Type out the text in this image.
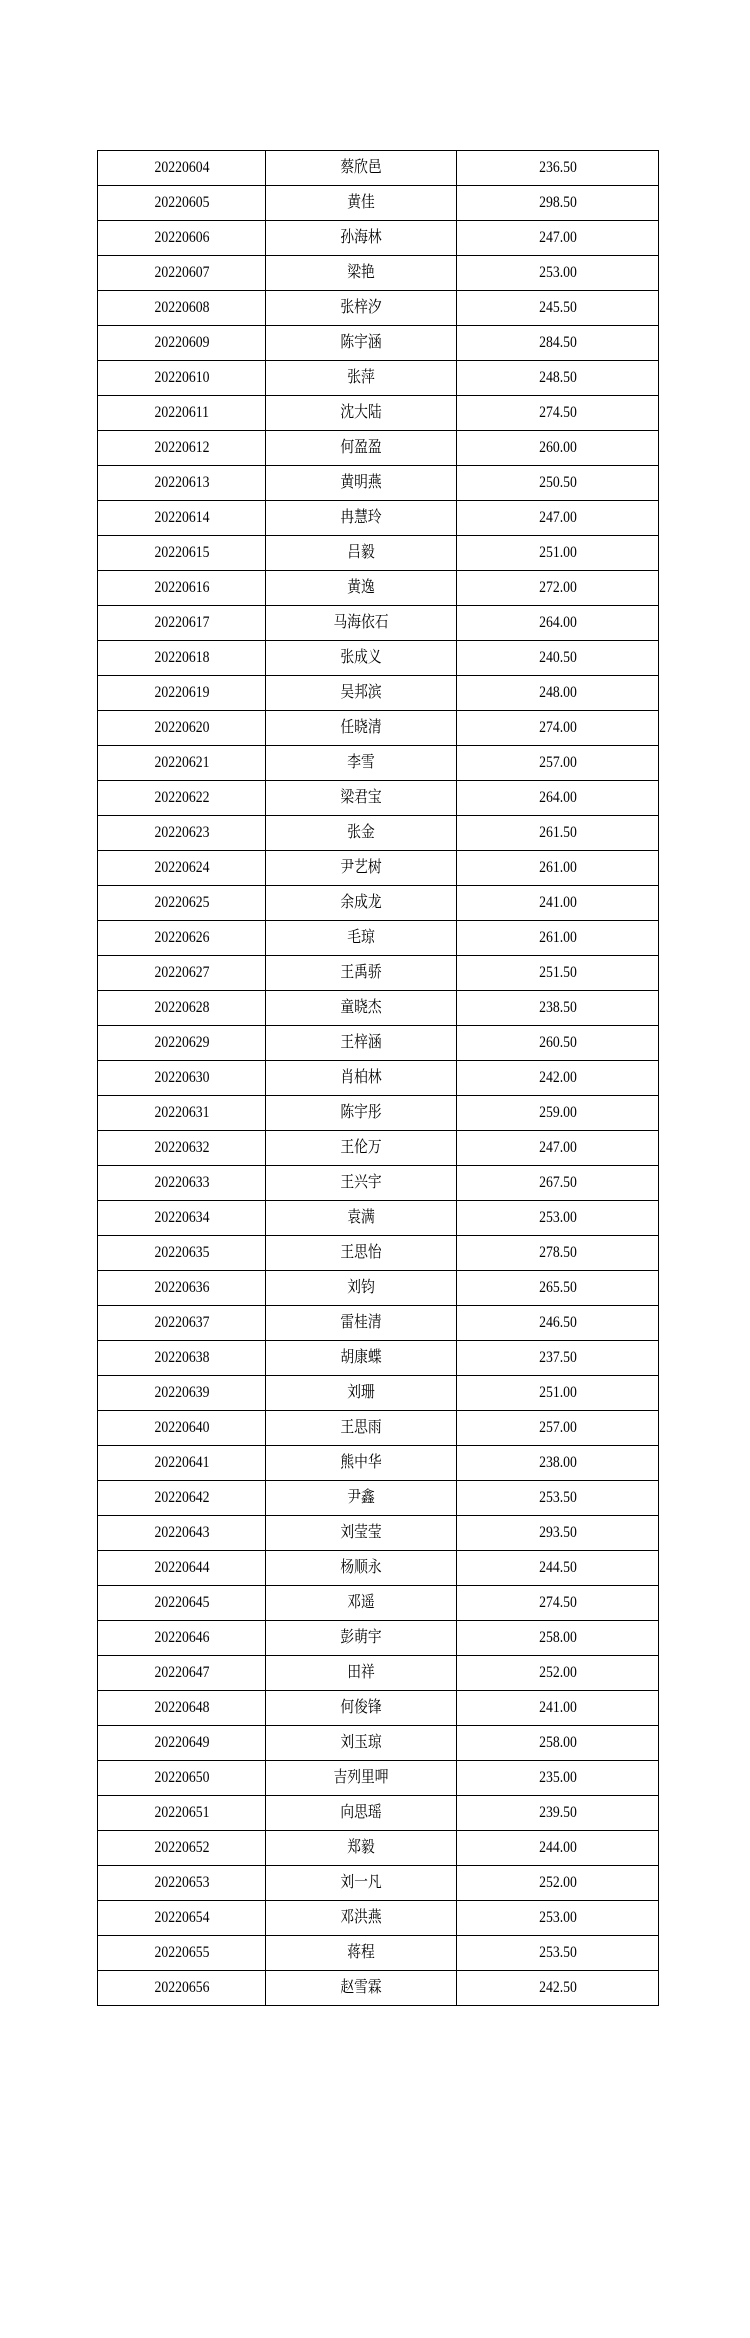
20220604	蔡欣邑	236.50
20220605	黄佳	298.50
20220606	孙海林	247.00
20220607	梁艳	253.00
20220608	张梓汐	245.50
20220609	陈宇涵	284.50
20220610	张萍	248.50
20220611	沈大陆	274.50
20220612	何盈盈	260.00
20220613	黄明燕	250.50
20220614	冉慧玲	247.00
20220615	吕毅	251.00
20220616	黄逸	272.00
20220617	马海依石	264.00
20220618	张成义	240.50
20220619	吴邦滨	248.00
20220620	任晓清	274.00
20220621	李雪	257.00
20220622	梁君宝	264.00
20220623	张金	261.50
20220624	尹艺树	261.00
20220625	余成龙	241.00
20220626	毛琼	261.00
20220627	王禹骄	251.50
20220628	童晓杰	238.50
20220629	王梓涵	260.50
20220630	肖柏林	242.00
20220631	陈宇彤	259.00
20220632	王伦万	247.00
20220633	王兴宇	267.50
20220634	袁满	253.00
20220635	王思怡	278.50
20220636	刘钧	265.50
20220637	雷桂清	246.50
20220638	胡康蝶	237.50
20220639	刘珊	251.00
20220640	王思雨	257.00
20220641	熊中华	238.00
20220642	尹鑫	253.50
20220643	刘莹莹	293.50
20220644	杨顺永	244.50
20220645	邓遥	274.50
20220646	彭萌宇	258.00
20220647	田祥	252.00
20220648	何俊锋	241.00
20220649	刘玉琼	258.00
20220650	吉列里呷	235.00
20220651	向思瑶	239.50
20220652	郑毅	244.00
20220653	刘一凡	252.00
20220654	邓洪燕	253.00
20220655	蒋程	253.50
20220656	赵雪霖	242.50
